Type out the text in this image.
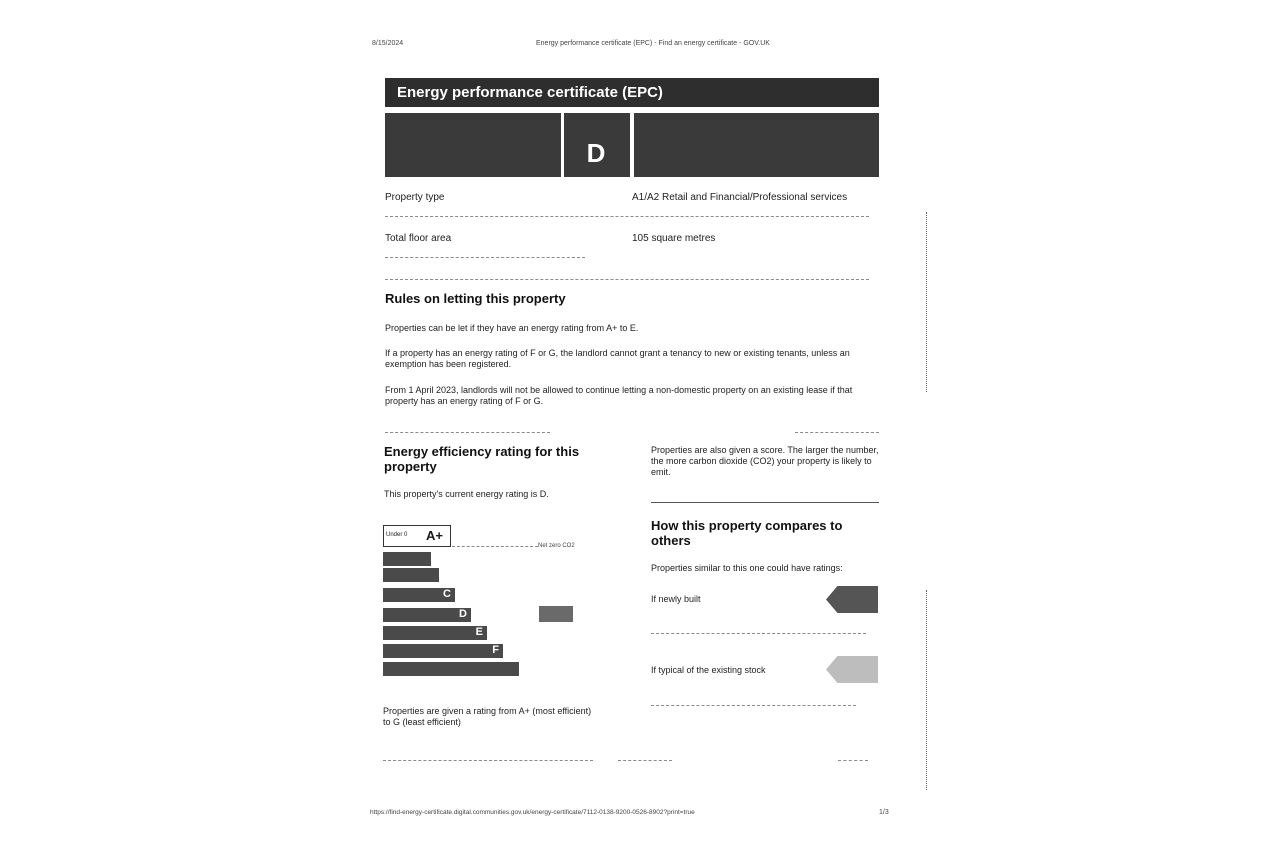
8/15/2024	Energy performance certificate (EPC) - Find an energy certificate - GOV.UK
Energy performance certificate (EPC)
D
Property type	A1/A2 Retail and Financial/Professional services
Total floor area	105 square metres
Rules on letting this property
Properties can be let if they have an energy rating from A+ to E.
If a property has an energy rating of F or G, the landlord cannot grant a tenancy to new or existing tenants, unless an exemption has been registered.
From 1 April 2023, landlords will not be allowed to continue letting a non-domestic property on an existing lease if that property has an energy rating of F or G.
Energy efficiency rating for this property
This property's current energy rating is D.
Under 0 A+
Net zero CO2
C
D
E
F
Properties are given a rating from A+ (most efficient) to G (least efficient)
Properties are also given a score. The larger the number, the more carbon dioxide (CO2) your property is likely to emit.
How this property compares to others
Properties similar to this one could have ratings:
If newly built
If typical of the existing stock
https://find-energy-certificate.digital.communities.gov.uk/energy-certificate/7112-0138-9200-0526-8902?print=true	1/3
